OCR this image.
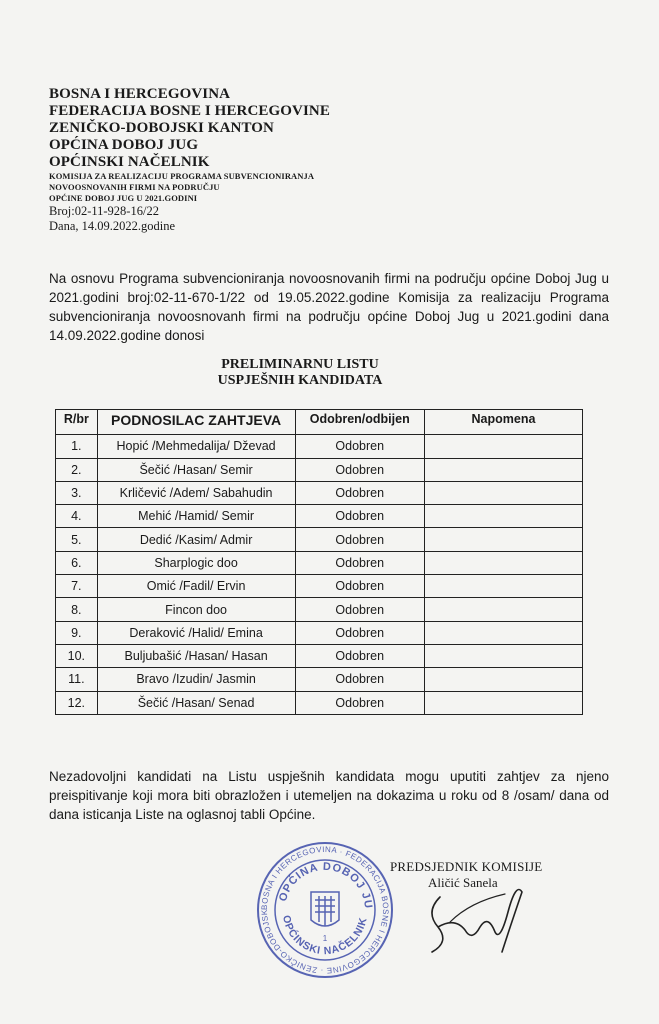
BOSNA I HERCEGOVINA
FEDERACIJA BOSNE I HERCEGOVINE
ZENIČKO-DOBOJSKI KANTON
OPĆINA DOBOJ JUG
OPĆINSKI NAČELNIK
KOMISIJA ZA REALIZACIJU PROGRAMA SUBVENCIONIRANJA
NOVOOSNOVANIH FIRMI NA PODRUČJU
OPĆINE DOBOJ JUG U 2021.GODINI
Broj:02-11-928-16/22
Dana, 14.09.2022.godine
Na osnovu Programa subvencioniranja novoosnovanih firmi na području općine Doboj Jug u 2021.godini broj:02-11-670-1/22 od 19.05.2022.godine Komisija za realizaciju Programa subvencioniranja novoosnovanh firmi na području općine Doboj Jug u 2021.godini dana 14.09.2022.godine donosi
PRELIMINARNU LISTU
USPJEŠNIH KANDIDATA
R/br	PODNOSILAC ZAHTJEVA	Odobren/odbijen	Napomena
1.	Hopić /Mehmedalija/ Dževad	Odobren	
2.	Šečić /Hasan/ Semir	Odobren	
3.	Krličević /Adem/ Sabahudin	Odobren	
4.	Mehić /Hamid/ Semir	Odobren	
5.	Dedić /Kasim/ Admir	Odobren	
6.	Sharplogic doo	Odobren	
7.	Omić /Fadil/ Ervin	Odobren	
8.	Fincon doo	Odobren	
9.	Deraković /Halid/ Emina	Odobren	
10.	Buljubašić /Hasan/ Hasan	Odobren	
11.	Bravo /Izudin/ Jasmin	Odobren	
12.	Šečić /Hasan/ Senad	Odobren	
Nezadovoljni kandidati na Listu uspješnih kandidata mogu uputiti zahtjev za njeno preispitivanje koji mora biti obrazložen i utemeljen na dokazima u roku od 8 /osam/ dana od dana isticanja Liste na oglasnoj tabli Općine.
BOSNA I HERCEGOVINA · FEDERACIJA BOSNE I HERCEGOVINE · ZENIČKO-DOBOJSK
OPĆINA DOBOJ JU
OPĆINSKI NAČELNIK
1
PREDSJEDNIK KOMISIJE
Aličić Sanela
